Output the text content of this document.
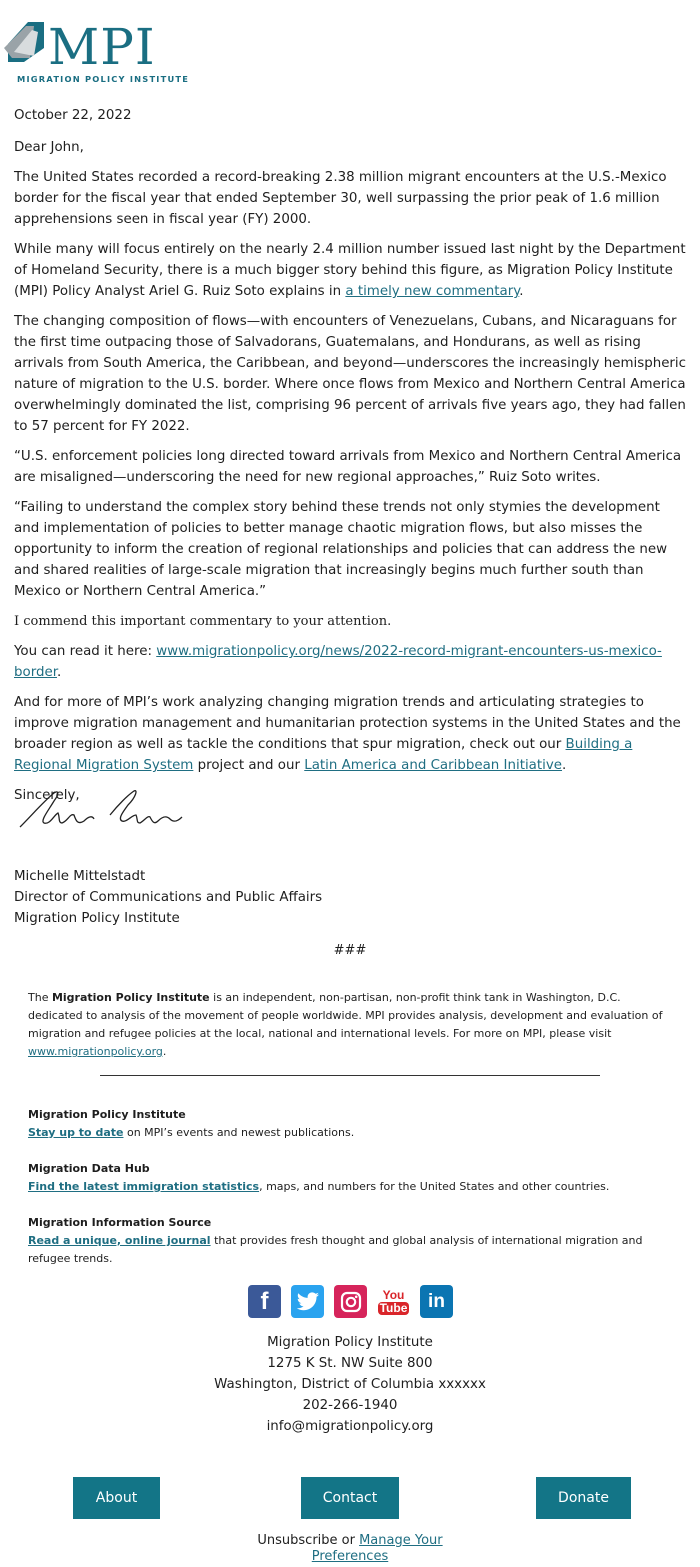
MPI
MIGRATION POLICY INSTITUTE

October 22, 2022

Dear John,

The United States recorded a record-breaking 2.38 million migrant encounters at the U.S.-Mexico border for the fiscal year that ended September 30, well surpassing the prior peak of 1.6 million apprehensions seen in fiscal year (FY) 2000.

While many will focus entirely on the nearly 2.4 million number issued last night by the Department of Homeland Security, there is a much bigger story behind this figure, as Migration Policy Institute (MPI) Policy Analyst Ariel G. Ruiz Soto explains in a timely new commentary.

The changing composition of flows—with encounters of Venezuelans, Cubans, and Nicaraguans for the first time outpacing those of Salvadorans, Guatemalans, and Hondurans, as well as rising arrivals from South America, the Caribbean, and beyond—underscores the increasingly hemispheric nature of migration to the U.S. border. Where once flows from Mexico and Northern Central America overwhelmingly dominated the list, comprising 96 percent of arrivals five years ago, they had fallen to 57 percent for FY 2022.

“U.S. enforcement policies long directed toward arrivals from Mexico and Northern Central America are misaligned—underscoring the need for new regional approaches,” Ruiz Soto writes.

“Failing to understand the complex story behind these trends not only stymies the development and implementation of policies to better manage chaotic migration flows, but also misses the opportunity to inform the creation of regional relationships and policies that can address the new and shared realities of large-scale migration that increasingly begins much further south than Mexico or Northern Central America.”

I commend this important commentary to your attention.

You can read it here: www.migrationpolicy.org/news/2022-record-migrant-encounters-us-mexico-border.

And for more of MPI’s work analyzing changing migration trends and articulating strategies to improve migration management and humanitarian protection systems in the United States and the broader region as well as tackle the conditions that spur migration, check out our Building a Regional Migration System project and our Latin America and Caribbean Initiative.

Sincerely,

Michelle Mittelstadt
Director of Communications and Public Affairs
Migration Policy Institute
###
The Migration Policy Institute is an independent, non-partisan, non-profit think tank in Washington, D.C. dedicated to analysis of the movement of people worldwide. MPI provides analysis, development and evaluation of migration and refugee policies at the local, national and international levels. For more on MPI, please visit www.migrationpolicy.org.
Migration Policy Institute
Stay up to date on MPI’s events and newest publications.
Migration Data Hub
Find the latest immigration statistics, maps, and numbers for the United States and other countries.
Migration Information Source
Read a unique, online journal that provides fresh thought and global analysis of international migration and refugee trends.
f	You
Tube	in
Migration Policy Institute
1275 K St. NW Suite 800
Washington, District of Columbia xxxxxx
202-266-1940
info@migrationpolicy.org
About	Contact	Donate
Unsubscribe or Manage Your
Preferences
